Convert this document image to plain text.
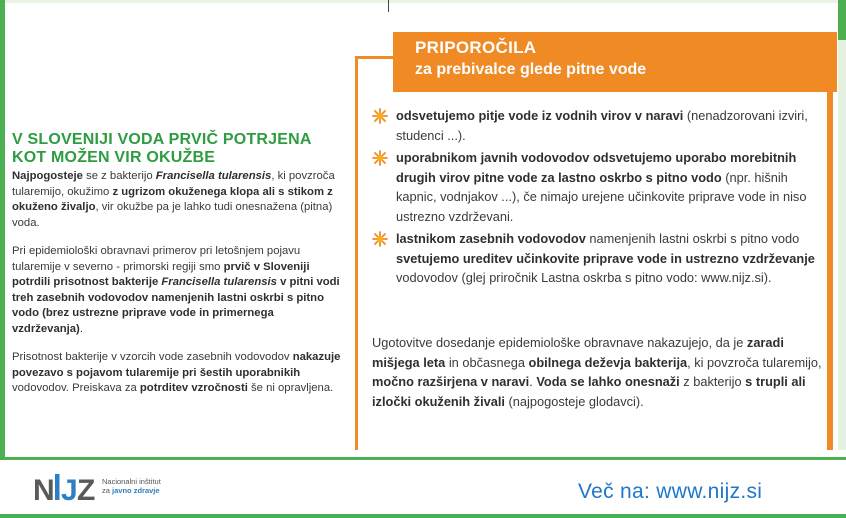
PRIPOROČILA
za prebivalce glede pitne vode
V SLOVENIJI VODA PRVIČ POTRJENA KOT MOŽEN VIR OKUŽBE

Najpogosteje se z bakterijo Francisella tularensis, ki povzroča tularemijo, okužimo z ugrizom okuženega klopa ali s stikom z okuženo živaljo, vir okužbe pa je lahko tudi onesnažena (pitna) voda.

Pri epidemiološki obravnavi primerov pri letošnjem pojavu tularemije v severno - primorski regiji smo prvič v Sloveniji potrdili prisotnost bakterije Francisella tularensis v pitni vodi treh zasebnih vodovodov namenjenih lastni oskrbi s pitno vodo (brez ustrezne priprave vode in primernega vzdrževanja).

Prisotnost bakterije v vzorcih vode zasebnih vodovodov nakazuje povezavo s pojavom tularemije pri šestih uporabnikih vodovodov. Preiskava za potrditev vzročnosti še ni opravljena.

odsvetujemo pitje vode iz vodnih virov v naravi (nenadzorovani izviri, studenci ...).
uporabnikom javnih vodovodov odsvetujemo uporabo morebitnih drugih virov pitne vode za lastno oskrbo s pitno vodo (npr. hišnih kapnic, vodnjakov ...), če nimajo urejene učinkovite priprave vode in niso ustrezno vzdrževani.
lastnikom zasebnih vodovodov namenjenih lastni oskrbi s pitno vodo svetujemo ureditev učinkovite priprave vode in ustrezno vzdrževanje vodovodov (glej priročnik Lastna oskrba s pitno vodo: www.nijz.si).
Ugotovitve dosedanje epidemiološke obravnave nakazujejo, da je zaradi mišjega leta in občasnega obilnega deževja bakterija, ki povzroča tularemijo, močno razširjena v naravi. Voda se lahko onesnaži z bakterijo s trupli ali izločki okuženih živali (najpogosteje glodavci).
N J Z Nacionalni inštitut
za javno zdravje	Več na: www.nijz.si
